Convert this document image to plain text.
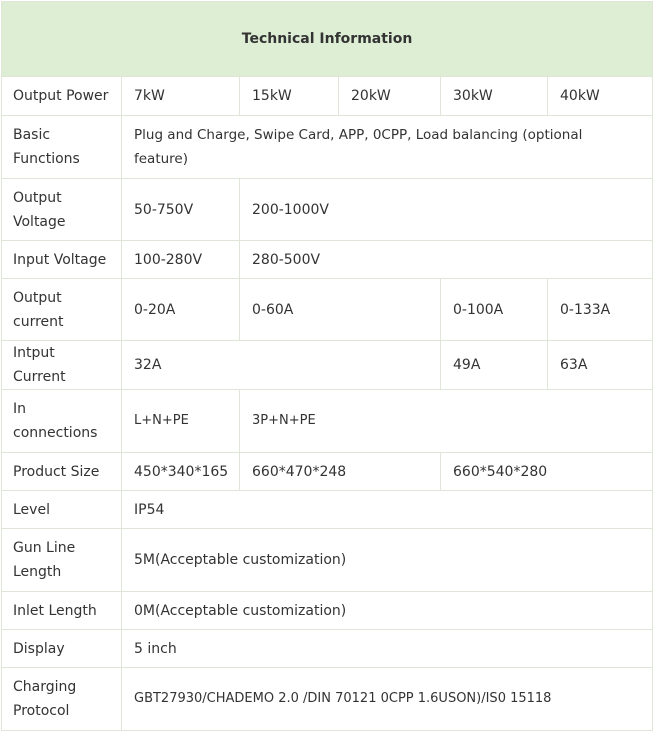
Technical Information					
Output Power	7kW	15kW	20kW	30kW	40kW
Basic Functions	Plug and Charge, Swipe Card, APP, 0CPP, Load balancing (optional feature)				
Output Voltage	50-750V	200-1000V			
Input Voltage	100-280V	280-500V			
Output current	0-20A	0-60A		0-100A	0-133A
Intput Current	32A			49A	63A
In connections	L+N+PE	3P+N+PE			
Product Size	450*340*165	660*470*248		660*540*280	
Level	IP54				
Gun Line Length	5M(Acceptable customization)				
Inlet Length	0M(Acceptable customization)				
Display	5 inch				
Charging Protocol	GBT27930/CHADEMO 2.0 /DIN 70121 0CPP 1.6USON)/IS0 15118				
